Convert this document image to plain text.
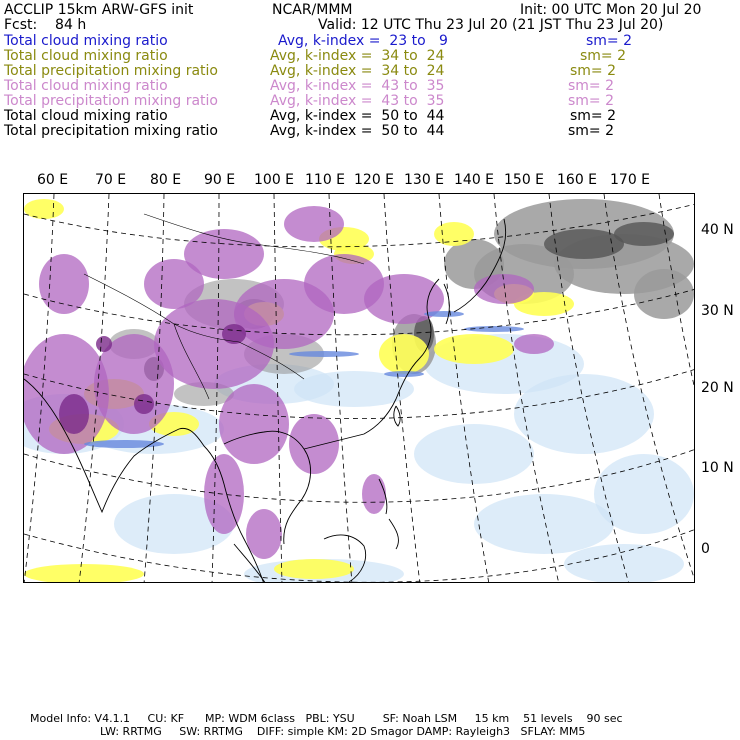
ACCLIP 15km ARW-GFS init	NCAR/MMM	Init: 00 UTC Mon 20 Jul 20
Fcst:    84 h	Valid: 12 UTC Thu 23 Jul 20 (21 JST Thu 23 Jul 20)
Total cloud mixing ratio	Avg, k-index =  23 to   9	sm= 2
Total cloud mixing ratio	Avg, k-index =  34 to  24	sm= 2
Total precipitation mixing ratio	Avg, k-index =  34 to  24	sm= 2
Total cloud mixing ratio	Avg, k-index =  43 to  35	sm= 2
Total precipitation mixing ratio	Avg, k-index =  43 to  35	sm= 2
Total cloud mixing ratio	Avg, k-index =  50 to  44	sm= 2
Total precipitation mixing ratio	Avg, k-index =  50 to  44	sm= 2
60 E 70 E 80 E 90 E 100 E 110 E 120 E 130 E 140 E 150 E 160 E 170 E
40 N
30 N
20 N
10 N
0
Model Info: V4.1.1     CU: KF      MP: WDM 6class   PBL: YSU        SF: Noah LSM     15 km    51 levels    90 sec
LW: RRTMG     SW: RRTMG    DIFF: simple KM: 2D Smagor DAMP: Rayleigh3   SFLAY: MM5
